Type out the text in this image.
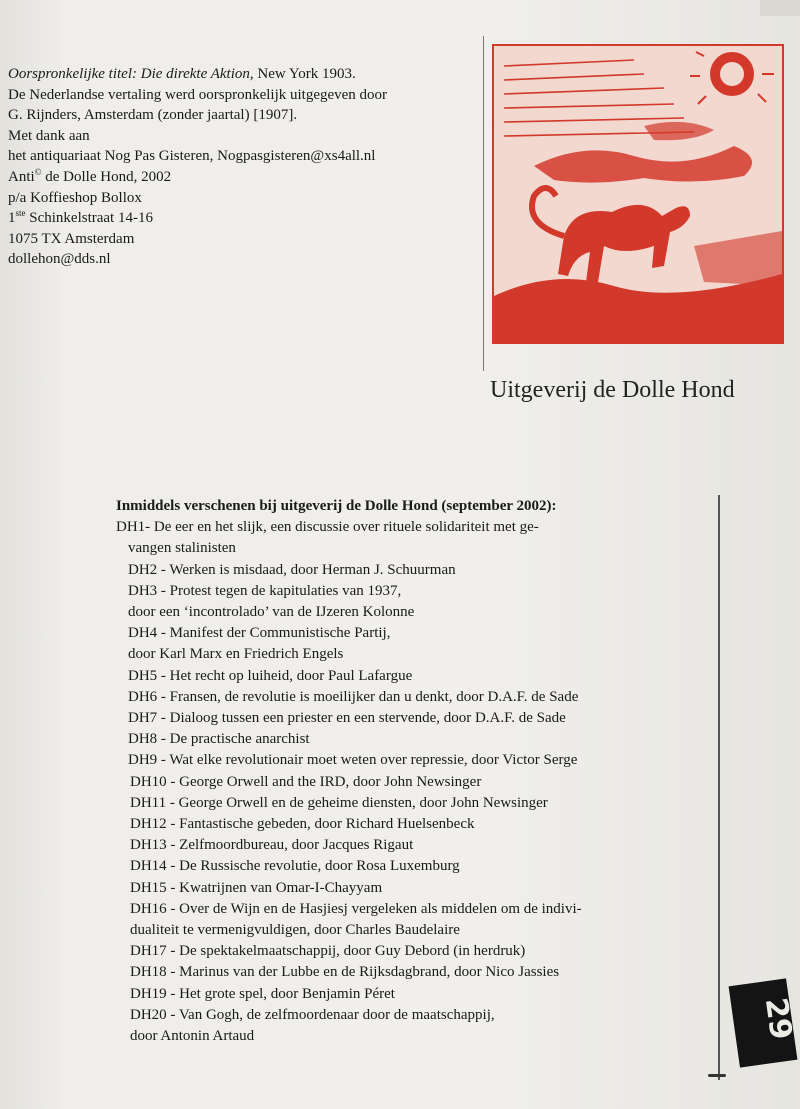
Oorspronkelijke titel: Die direkte Aktion, New York 1903.
De Nederlandse vertaling werd oorspronkelijk uitgegeven door
G. Rijnders, Amsterdam (zonder jaartal) [1907].
Met dank aan
het antiquariaat Nog Pas Gisteren, Nogpasgisteren@xs4all.nl
Anti© de Dolle Hond, 2002
p/a Koffieshop Bollox
1ste Schinkelstraat 14-16
1075 TX Amsterdam
dollehon@dds.nl
Uitgeverij de Dolle Hond
Inmiddels verschenen bij uitgeverij de Dolle Hond (september 2002):
DH1- De eer en het slijk, een discussie over rituele solidariteit met ge-
vangen stalinisten
DH2 - Werken is misdaad, door Herman J. Schuurman
DH3 - Protest tegen de kapitulaties van 1937,
door een ‘incontrolado’ van de IJzeren Kolonne
DH4 - Manifest der Communistische Partij,
door Karl Marx en Friedrich Engels
DH5 - Het recht op luiheid, door Paul Lafargue
DH6 - Fransen, de revolutie is moeilijker dan u denkt, door D.A.F. de Sade
DH7 - Dialoog tussen een priester en een stervende, door D.A.F. de Sade
DH8 - De practische anarchist
DH9 - Wat elke revolutionair moet weten over repressie, door Victor Serge
DH10 - George Orwell and the IRD, door John Newsinger
DH11 - George Orwell en de geheime diensten, door John Newsinger
DH12 - Fantastische gebeden, door Richard Huelsenbeck
DH13 - Zelfmoordbureau, door Jacques Rigaut
DH14 - De Russische revolutie, door Rosa Luxemburg
DH15 - Kwatrijnen van Omar-I-Chayyam
DH16 - Over de Wijn en de Hasjiesj vergeleken als middelen om de indivi-
dualiteit te vermenigvuldigen, door Charles Baudelaire
DH17 - De spektakelmaatschappij, door Guy Debord (in herdruk)
DH18 - Marinus van der Lubbe en de Rijksdagbrand, door Nico Jassies
DH19 - Het grote spel, door Benjamin Péret
DH20 - Van Gogh, de zelfmoordenaar door de maatschappij,
door Antonin Artaud	29
